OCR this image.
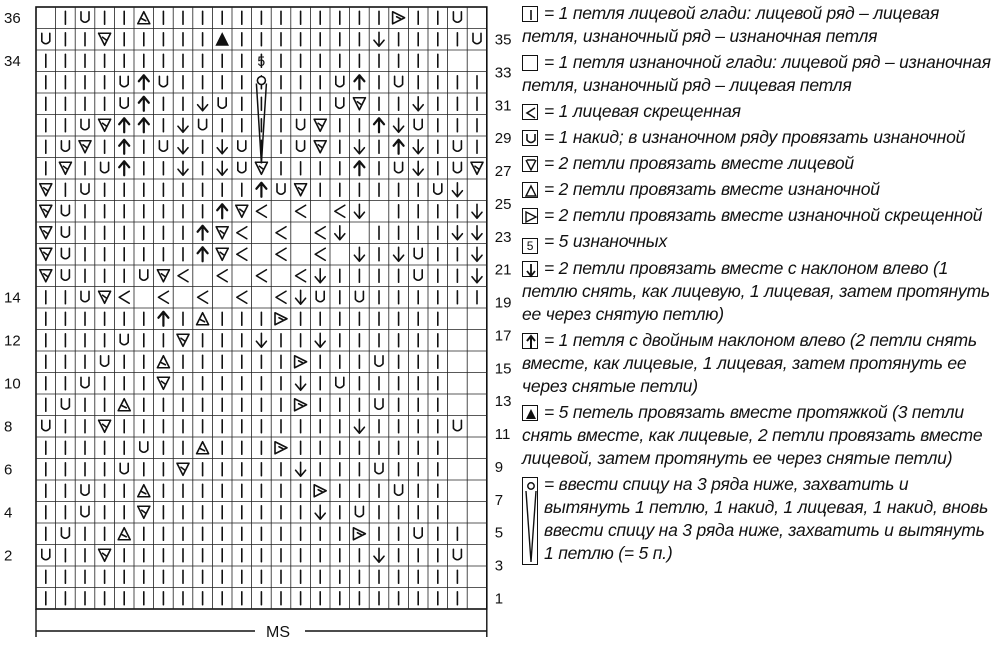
36
34
14
12
10
8
6
4
2
35
33
31
29
27
25
23
21
19
17
15
13
11
9
7
5
3
1
5
MS
= 1 петля лицевой глади: лицевой ряд – лицевая петля, изнаночный ряд – изнаночная петля
= 1 петля изнаночной глади: лицевой ряд – изнаночная петля, изнаночный ряд – лицевая петля
= 1 лицевая скрещенная
= 1 накид; в изнаночном ряду провязать изнаночной
= 2 петли провязать вместе лицевой
= 2 петли провязать вместе изнаночной
= 2 петли провязать вместе изнаночной скрещенной
5 = 5 изнаночных
= 2 петли провязать вместе с наклоном влево (1 петлю снять, как лицевую, 1 лицевая, затем протянуть ее через снятую петлю)
= 1 петля с двойным наклоном влево (2 петли снять вместе, как лицевые, 1 лицевая, затем протянуть ее через снятые петли)
= 5 петель провязать вместе протяжкой (3 петли снять вместе, как лицевые, 2 петли провязать вместе лицевой, затем протянуть ее через снятые петли)
= ввести спицу на 3 ряда ниже, захватить и вытянуть 1 петлю, 1 накид, 1 лицевая, 1 накид, вновь ввести спицу на 3 ряда ниже, захватить и вытянуть 1 петлю (= 5 п.)
